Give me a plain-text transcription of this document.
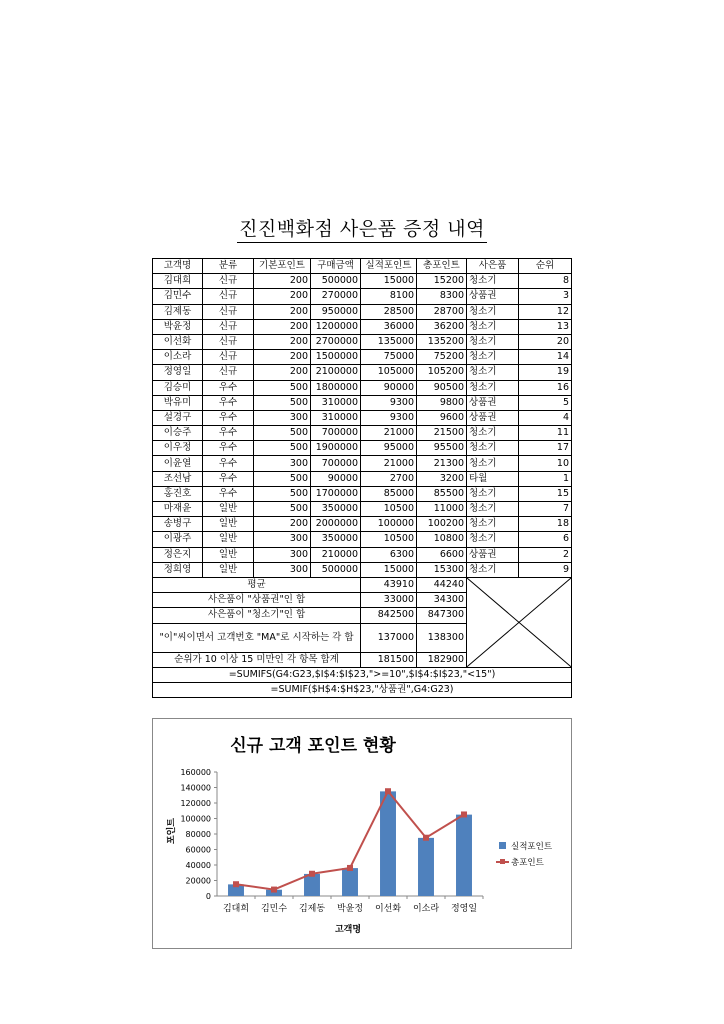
진진백화점 사은품 증정 내역
고객명	분류	기본포인트	구매금액	실적포인트	총포인트	사은품	순위
김대희	신규	200	500000	15000	15200	청소기	8
김민수	신규	200	270000	8100	8300	상품권	3
김제동	신규	200	950000	28500	28700	청소기	12
박윤정	신규	200	1200000	36000	36200	청소기	13
이선화	신규	200	2700000	135000	135200	청소기	20
이소라	신규	200	1500000	75000	75200	청소기	14
정영일	신규	200	2100000	105000	105200	청소기	19
김승미	우수	500	1800000	90000	90500	청소기	16
박유미	우수	500	310000	9300	9800	상품권	5
설경구	우수	300	310000	9300	9600	상품권	4
이승주	우수	500	700000	21000	21500	청소기	11
이우정	우수	500	1900000	95000	95500	청소기	17
이윤열	우수	300	700000	21000	21300	청소기	10
조선남	우수	500	90000	2700	3200	타월	1
홍진호	우수	500	1700000	85000	85500	청소기	15
마재윤	일반	500	350000	10500	11000	청소기	7
송병구	일반	200	2000000	100000	100200	청소기	18
이광주	일반	300	350000	10500	10800	청소기	6
정은지	일반	300	210000	6300	6600	상품권	2
정희영	일반	300	500000	15000	15300	청소기	9
평균				43910	44240	

사은품이 "상품권"인 합				33000	34300		
사은품이 "청소기"인 합				842500	847300		
"이"씨이면서 고객번호 "MA"로 시작하는 각 합				137000	138300		
순위가 10 이상 15 미만인 각 항목 합계				181500	182900		
=SUMIFS(G4:G23,$I$4:$I$23,">=10",$I$4:$I$23,"<15")							
=SUMIF($H$4:$H$23,"상품권",G4:G23)							
신규 고객 포인트 현황
포인트
고객명
0
20000
40000
60000
80000
100000
120000
140000
160000
김대희 김민수 김제동 박윤정 이선화 이소라 정영일
실적포인트
총포인트
